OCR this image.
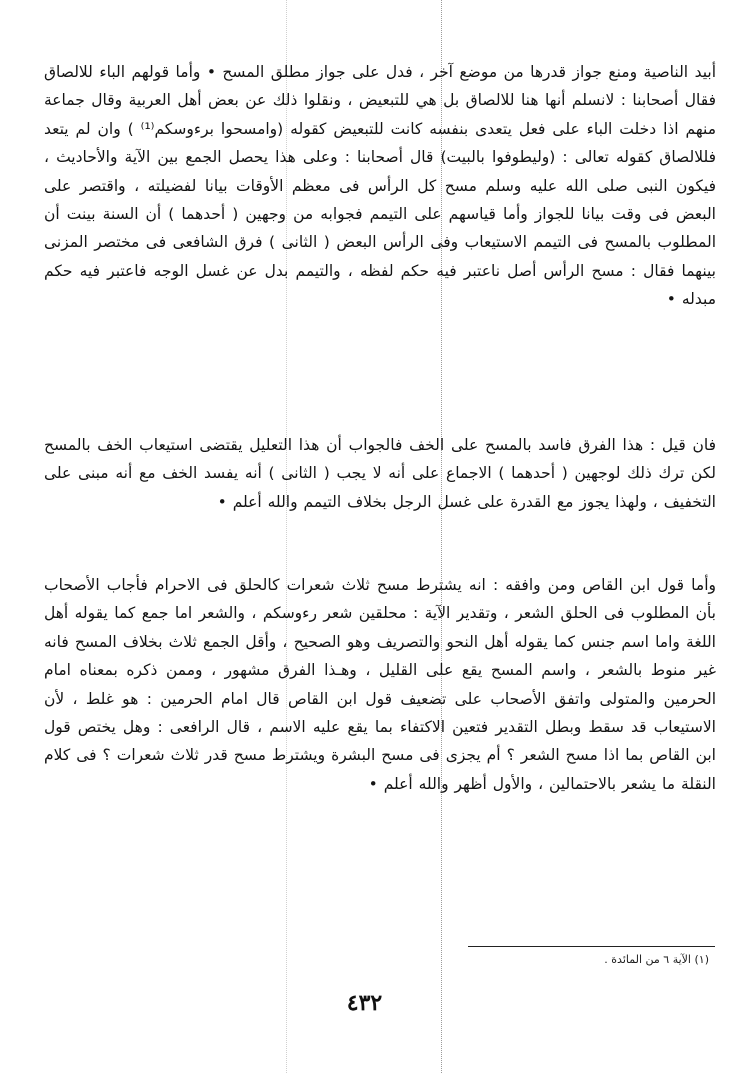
أبيد الناصية ومنع جواز قدرها من موضع آخر ، فدل على جواز مطلق المسح • وأما قولهم الباء للالصاق فقال أصحابنا : لانسلم أنها هنا للالصاق بل هي للتبعيض ، ونقلوا ذلك عن بعض أهل العربية وقال جماعة منهم اذا دخلت الباء على فعل يتعدى بنفسه كانت للتبعيض كقوله (وامسحوا برءوسكم⁽¹⁾ ) وان لم يتعد فللالصاق كقوله تعالى : (وليطوفوا بالبيت) قال أصحابنا : وعلى هذا يحصل الجمع بين الآية والأحاديث ، فيكون النبى صلى الله عليه وسلم مسح كل الرأس فى معظم الأوقات بيانا لفضيلته ، واقتصر على البعض فى وقت بيانا للجواز وأما قياسهم على التيمم فجوابه من وجهين ( أحدهما ) أن السنة بينت أن المطلوب بالمسح فى التيمم الاستيعاب وفى الرأس البعض ( الثانى ) فرق الشافعى فى مختصر المزنى بينهما فقال : مسح الرأس أصل ناعتبر فيه حكم لفظه ، والتيمم بدل عن غسل الوجه فاعتبر فيه حكم مبدله •

فان قيل : هذا الفرق فاسد بالمسح على الخف فالجواب أن هذا التعليل يقتضى استيعاب الخف بالمسح لكن ترك ذلك لوجهين ( أحدهما ) الاجماع على أنه لا يجب ( الثانى ) أنه يفسد الخف مع أنه مبنى على التخفيف ، ولهذا يجوز مع القدرة على غسل الرجل بخلاف التيمم والله أعلم •

وأما قول ابن القاص ومن وافقه : انه يشترط مسح ثلاث شعرات كالحلق فى الاحرام فأجاب الأصحاب بأن المطلوب فى الحلق الشعر ، وتقدير الآية : محلقين شعر رءوسكم ، والشعر اما جمع كما يقوله أهل اللغة واما اسم جنس كما يقوله أهل النحو والتصريف وهو الصحيح ، وأقل الجمع ثلاث بخلاف المسح فانه غير منوط بالشعر ، واسم المسح يقع على القليل ، وهـذا الفرق مشهور ، وممن ذكره بمعناه امام الحرمين والمتولى واتفق الأصحاب على تضعيف قول ابن القاص قال امام الحرمين : هو غلط ، لأن الاستيعاب قد سقط وبطل التقدير فتعين الاكتفاء بما يقع عليه الاسم ، قال الرافعى : وهل يختص قول ابن القاص بما اذا مسح الشعر ؟ أم يجزى فى مسح البشرة ويشترط مسح قدر ثلاث شعرات ؟ فى كلام النقلة ما يشعر بالاحتمالين ، والأول أظهر والله أعلم •

(١) الآية ٦ من المائدة .
٤٣٢
